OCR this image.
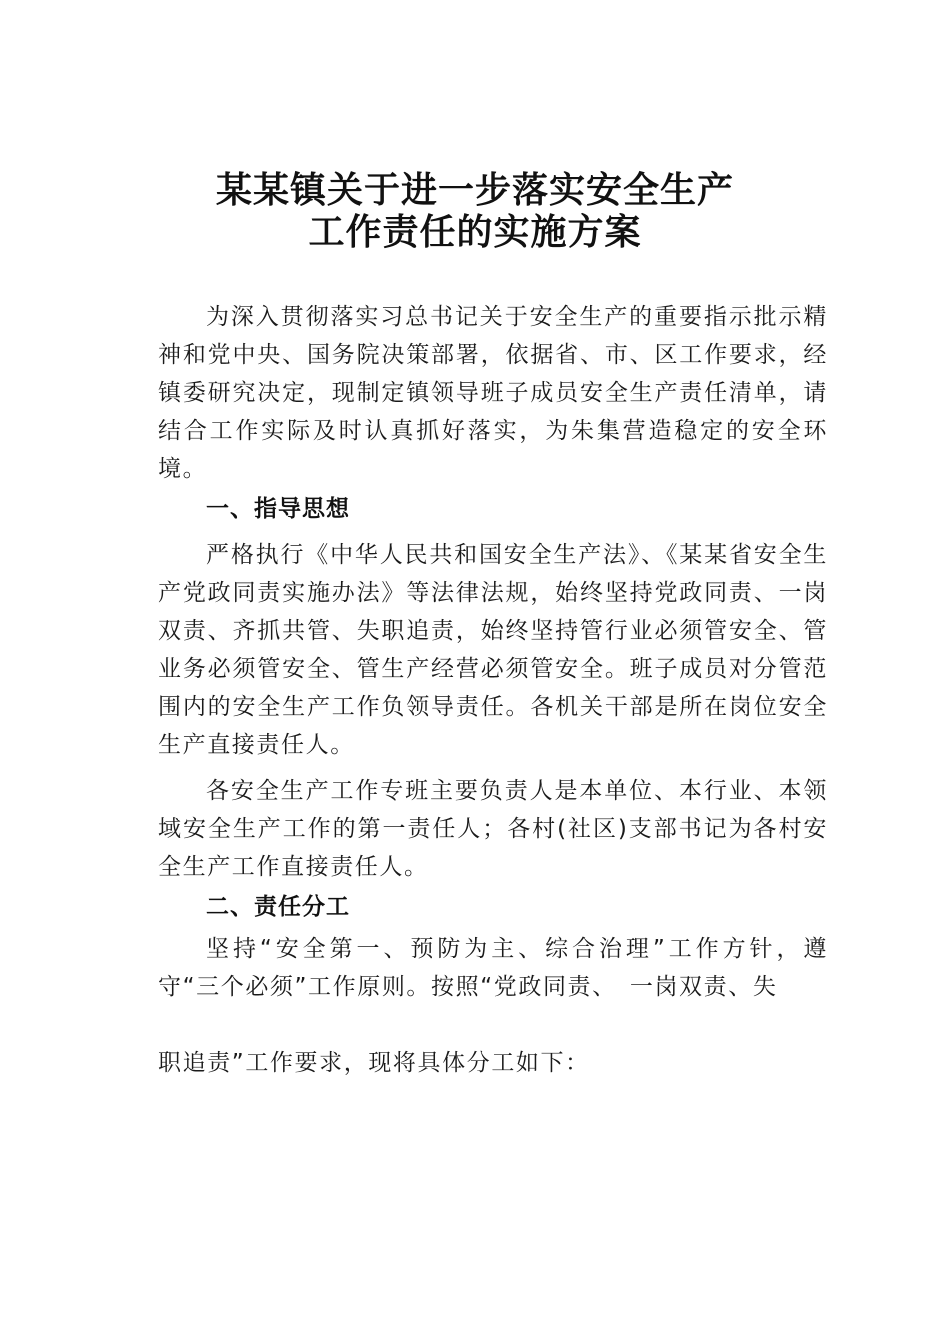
某某镇关于进一步落实安全生产
工作责任的实施方案

为深入贯彻落实习总书记关于安全生产的重要指示批示精神和党中央、国务院决策部署，依据省、市、区工作要求，经镇委研究决定，现制定镇领导班子成员安全生产责任清单，请结合工作实际及时认真抓好落实，为朱集营造稳定的安全环境。

一、指导思想

严格执行《中华人民共和国安全生产法》、《某某省安全生产党政同责实施办法》等法律法规，始终坚持党政同责、一岗双责、齐抓共管、失职追责，始终坚持管行业必须管安全、管业务必须管安全、管生产经营必须管安全。班子成员对分管范围内的安全生产工作负领导责任。各机关干部是所在岗位安全生产直接责任人。

各安全生产工作专班主要负责人是本单位、本行业、本领域安全生产工作的第一责任人；各村(社区)支部书记为各村安全生产工作直接责任人。

二、责任分工

坚持“安全第一、预防为主、综合治理”工作方针，遵守“三个必须”工作原则。按照“党政同责、　一岗双责、失

职追责”工作要求，现将具体分工如下：
